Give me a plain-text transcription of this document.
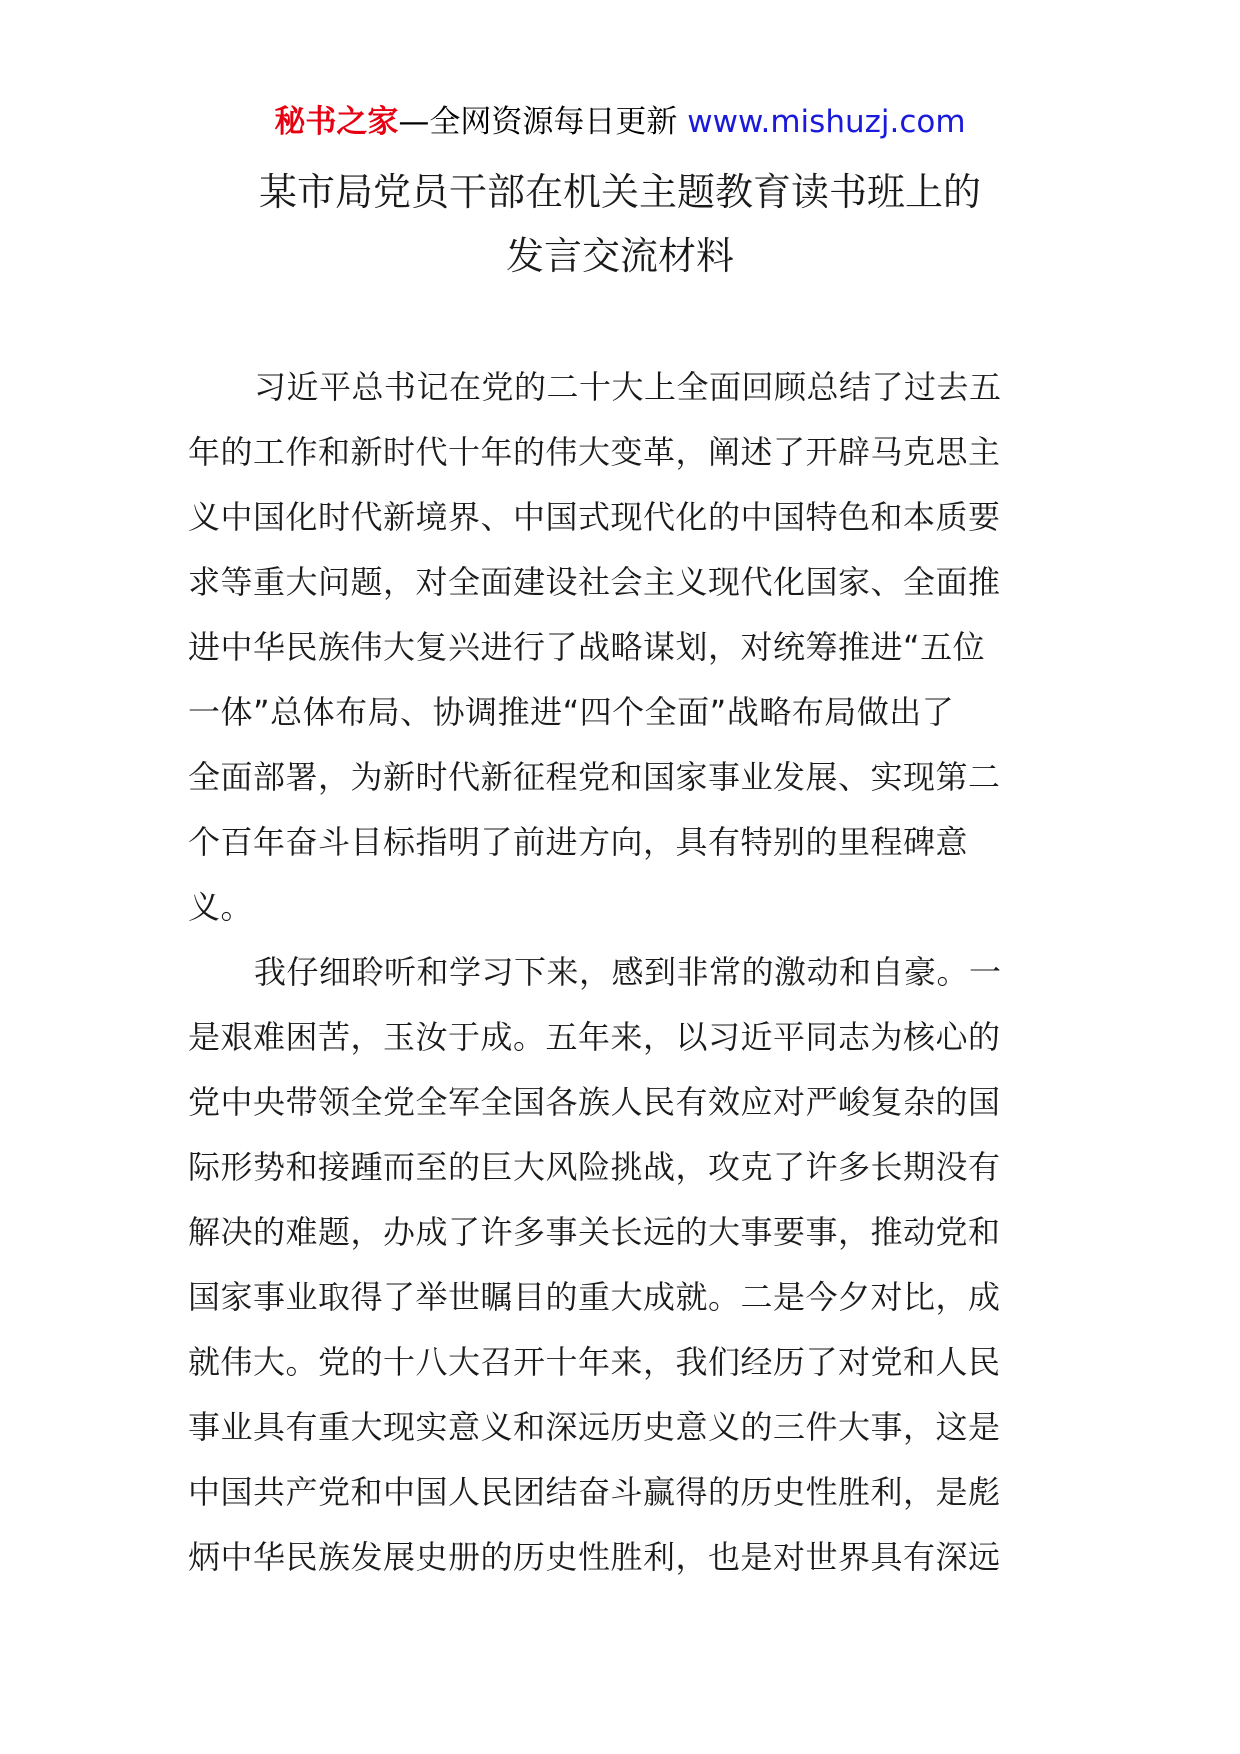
秘书之家—全网资源每日更新 www.mishuzj.com
某市局党员干部在机关主题教育读书班上的
发言交流材料
习近平总书记在党的二十大上全面回顾总结了过去五
年的工作和新时代十年的伟大变革，阐述了开辟马克思主
义中国化时代新境界、中国式现代化的中国特色和本质要
求等重大问题，对全面建设社会主义现代化国家、全面推
进中华民族伟大复兴进行了战略谋划，对统筹推进“五位
一体”总体布局、协调推进“四个全面”战略布局做出了
全面部署，为新时代新征程党和国家事业发展、实现第二
个百年奋斗目标指明了前进方向，具有特别的里程碑意
义。
我仔细聆听和学习下来，感到非常的激动和自豪。一
是艰难困苦，玉汝于成。五年来，以习近平同志为核心的
党中央带领全党全军全国各族人民有效应对严峻复杂的国
际形势和接踵而至的巨大风险挑战，攻克了许多长期没有
解决的难题，办成了许多事关长远的大事要事，推动党和
国家事业取得了举世瞩目的重大成就。二是今夕对比，成
就伟大。党的十八大召开十年来，我们经历了对党和人民
事业具有重大现实意义和深远历史意义的三件大事，这是
中国共产党和中国人民团结奋斗赢得的历史性胜利，是彪
炳中华民族发展史册的历史性胜利，也是对世界具有深远
